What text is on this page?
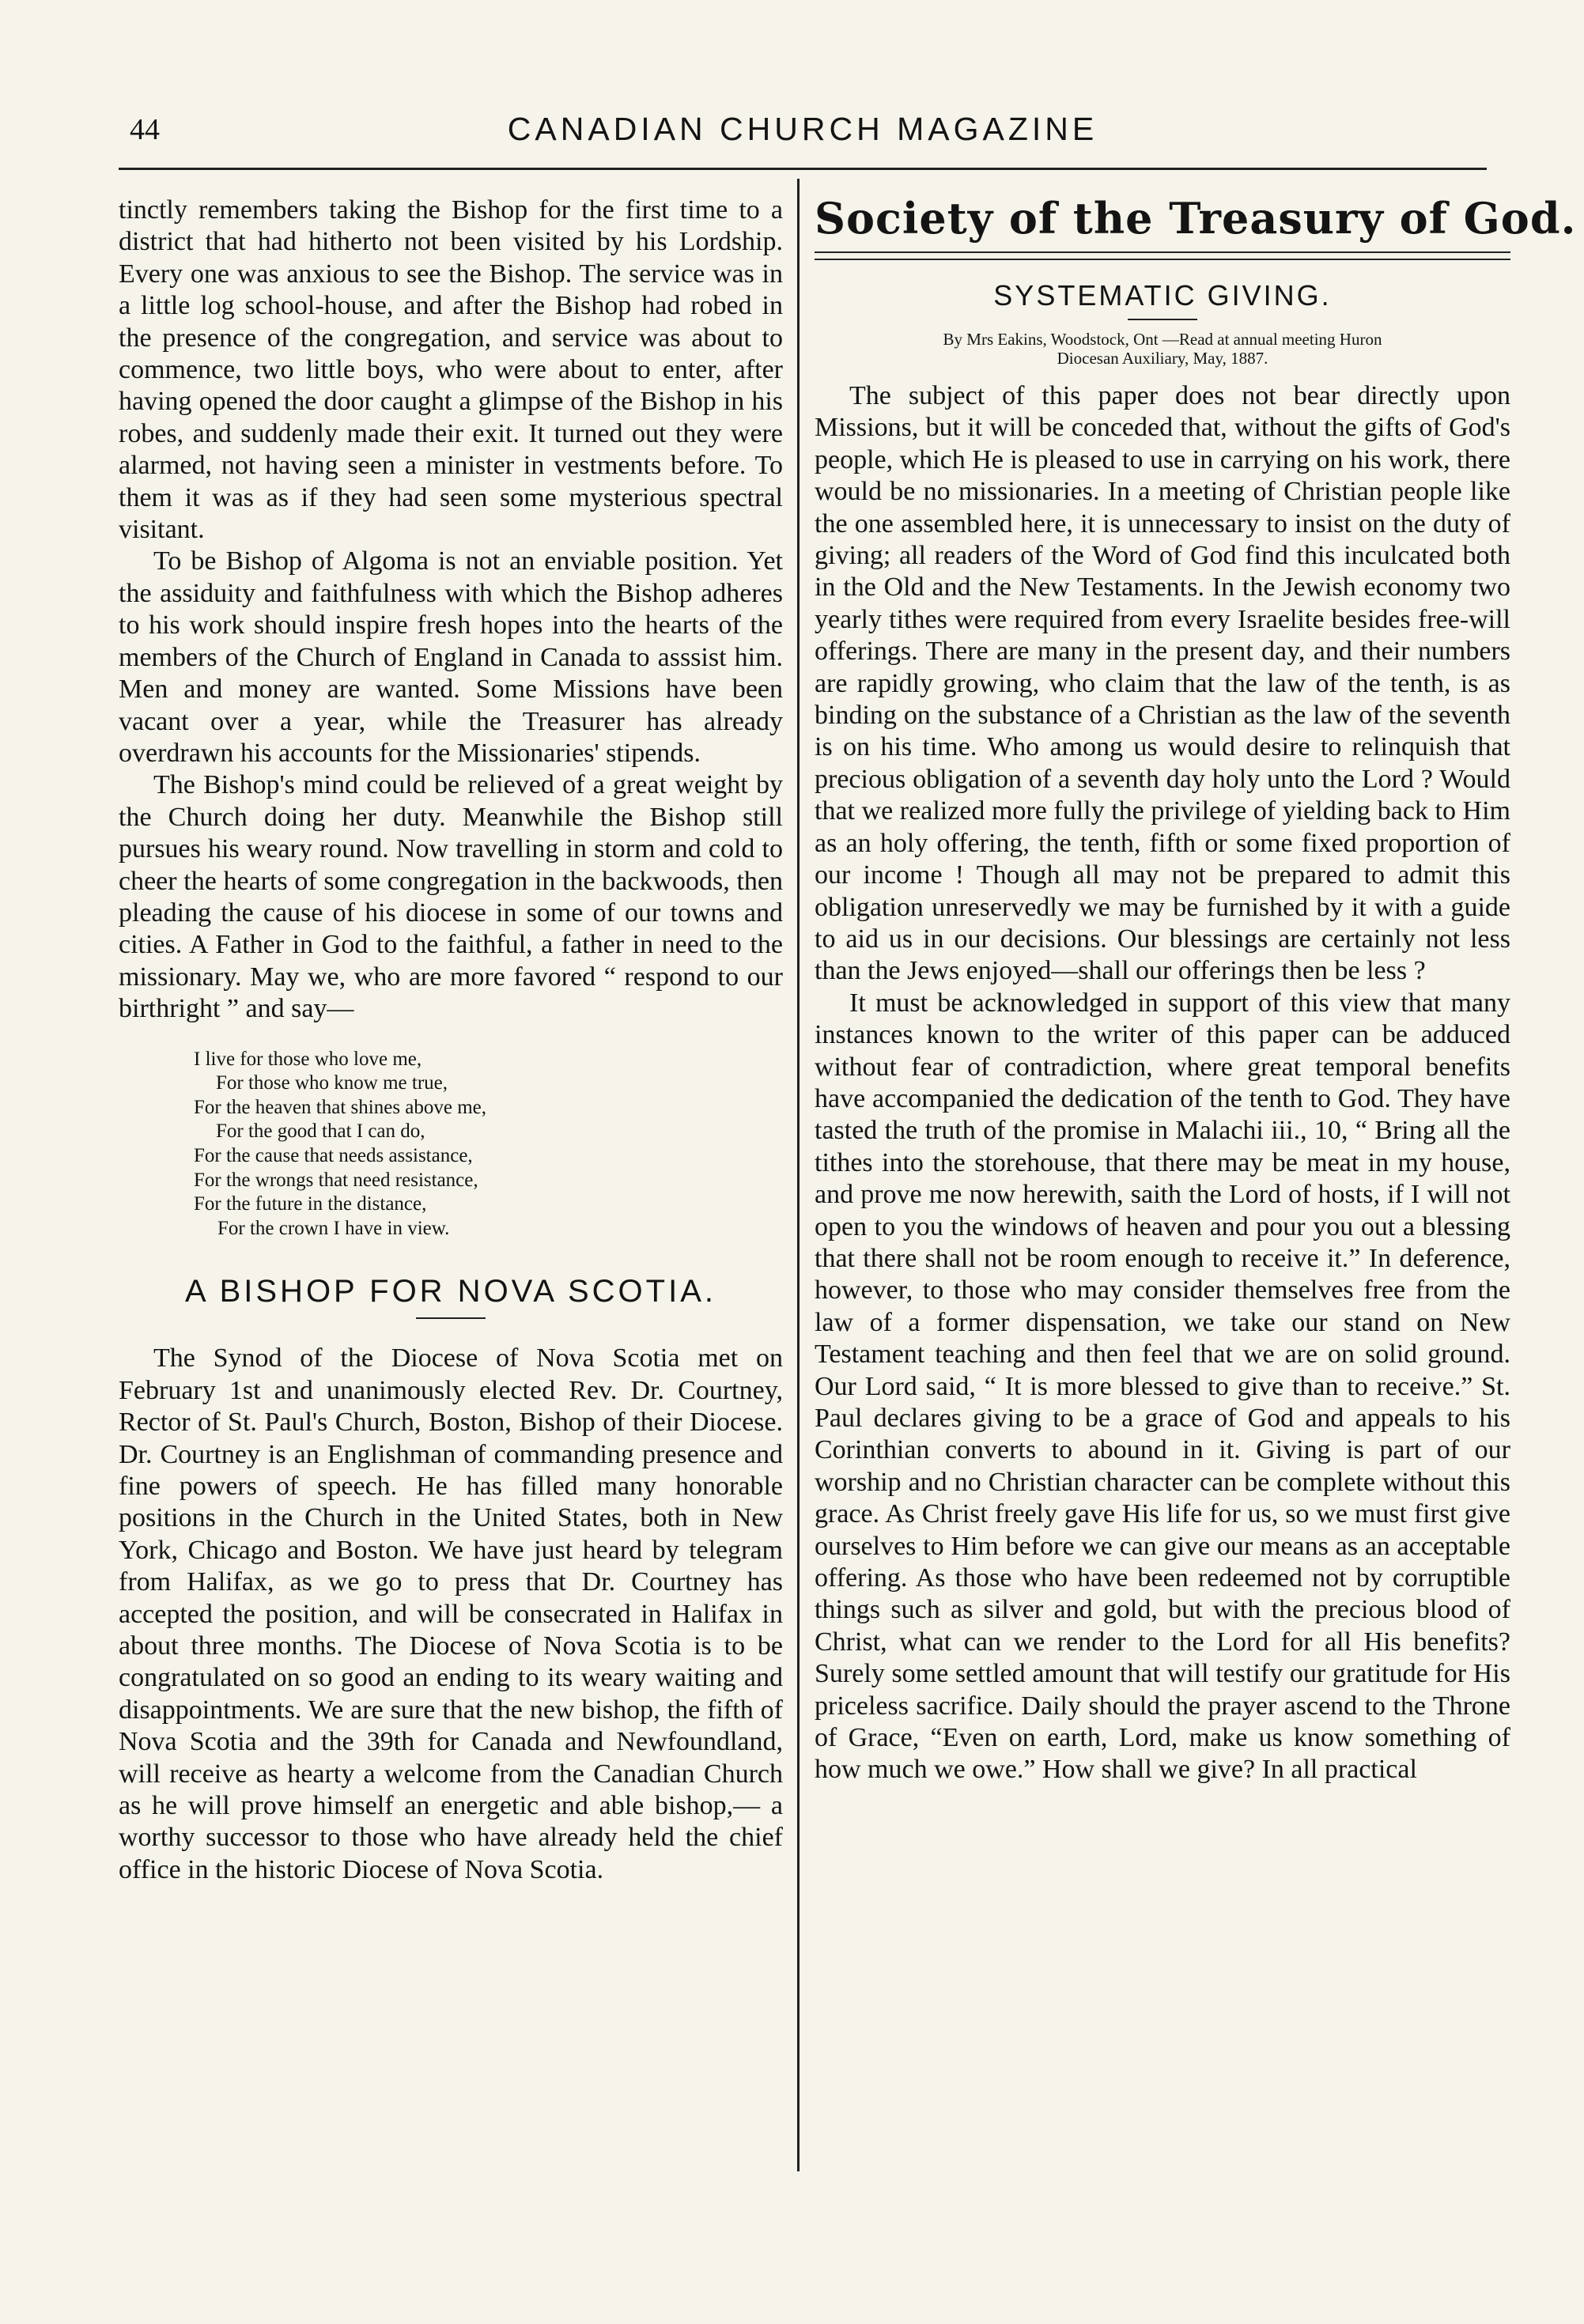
44	CANADIAN CHURCH MAGAZINE

tinctly remembers taking the Bishop for the first time to a district that had hitherto not been visited by his Lordship. Every one was anxious to see the Bishop. The service was in a little log school-house, and after the Bishop had robed in the presence of the congregation, and service was about to commence, two little boys, who were about to enter, after having opened the door caught a glimpse of the Bishop in his robes, and suddenly made their exit. It turned out they were alarmed, not having seen a minister in vestments before. To them it was as if they had seen some mysterious spectral visitant.

To be Bishop of Algoma is not an enviable position. Yet the assiduity and faithfulness with which the Bishop adheres to his work should inspire fresh hopes into the hearts of the members of the Church of England in Canada to asssist him. Men and money are wanted. Some Missions have been vacant over a year, while the Treasurer has already overdrawn his accounts for the Missionaries' stipends.

The Bishop's mind could be relieved of a great weight by the Church doing her duty. Meanwhile the Bishop still pursues his weary round. Now travelling in storm and cold to cheer the hearts of some congregation in the backwoods, then pleading the cause of his diocese in some of our towns and cities. A Father in God to the faithful, a father in need to the missionary. May we, who are more favored “ respond to our birthright ” and say—

I live for those who love me,
For those who know me true,
For the heaven that shines above me,
For the good that I can do,
For the cause that needs assistance,
For the wrongs that need resistance,
For the future in the distance,
For the crown I have in view.
A BISHOP FOR NOVA SCOTIA.

The Synod of the Diocese of Nova Scotia met on February 1st and unanimously elected Rev. Dr. Courtney, Rector of St. Paul's Church, Boston, Bishop of their Diocese. Dr. Courtney is an Englishman of commanding presence and fine powers of speech. He has filled many honorable positions in the Church in the United States, both in New York, Chicago and Boston. We have just heard by telegram from Halifax, as we go to press that Dr. Courtney has accepted the position, and will be consecrated in Halifax in about three months. The Diocese of Nova Scotia is to be congratulated on so good an ending to its weary waiting and disappointments. We are sure that the new bishop, the fifth of Nova Scotia and the 39th for Canada and Newfoundland, will receive as hearty a welcome from the Canadian Church as he will prove himself an energetic and able bishop,— a worthy successor to those who have already held the chief office in the historic Diocese of Nova Scotia.

Society of the Treasury of God.
SYSTEMATIC GIVING.
By Mrs Eakins, Woodstock, Ont —Read at annual meeting Huron
Diocesan Auxiliary, May, 1887.

The subject of this paper does not bear directly upon Missions, but it will be conceded that, without the gifts of God's people, which He is pleased to use in carrying on his work, there would be no missionaries. In a meeting of Christian people like the one assembled here, it is unnecessary to insist on the duty of giving; all readers of the Word of God find this inculcated both in the Old and the New Testaments. In the Jewish economy two yearly tithes were required from every Israelite besides free-will offerings. There are many in the present day, and their numbers are rapidly growing, who claim that the law of the tenth, is as binding on the substance of a Christian as the law of the seventh is on his time. Who among us would desire to relinquish that precious obligation of a seventh day holy unto the Lord ? Would that we realized more fully the privilege of yielding back to Him as an holy offering, the tenth, fifth or some fixed proportion of our income ! Though all may not be prepared to admit this obligation unreservedly we may be furnished by it with a guide to aid us in our decisions. Our blessings are certainly not less than the Jews enjoyed—shall our offerings then be less ?

It must be acknowledged in support of this view that many instances known to the writer of this paper can be adduced without fear of contradiction, where great temporal benefits have accompanied the dedication of the tenth to God. They have tasted the truth of the promise in Malachi iii., 10, “ Bring all the tithes into the storehouse, that there may be meat in my house, and prove me now herewith, saith the Lord of hosts, if I will not open to you the windows of heaven and pour you out a blessing that there shall not be room enough to receive it.” In deference, however, to those who may consider themselves free from the law of a former dispensation, we take our stand on New Testament teaching and then feel that we are on solid ground. Our Lord said, “ It is more blessed to give than to receive.” St. Paul declares giving to be a grace of God and appeals to his Corinthian converts to abound in it. Giving is part of our worship and no Christian character can be complete without this grace. As Christ freely gave His life for us, so we must first give ourselves to Him before we can give our means as an acceptable offering. As those who have been redeemed not by corruptible things such as silver and gold, but with the precious blood of Christ, what can we render to the Lord for all His benefits? Surely some settled amount that will testify our gratitude for His priceless sacrifice. Daily should the prayer ascend to the Throne of Grace, “Even on earth, Lord, make us know something of how much we owe.” How shall we give? In all practical
